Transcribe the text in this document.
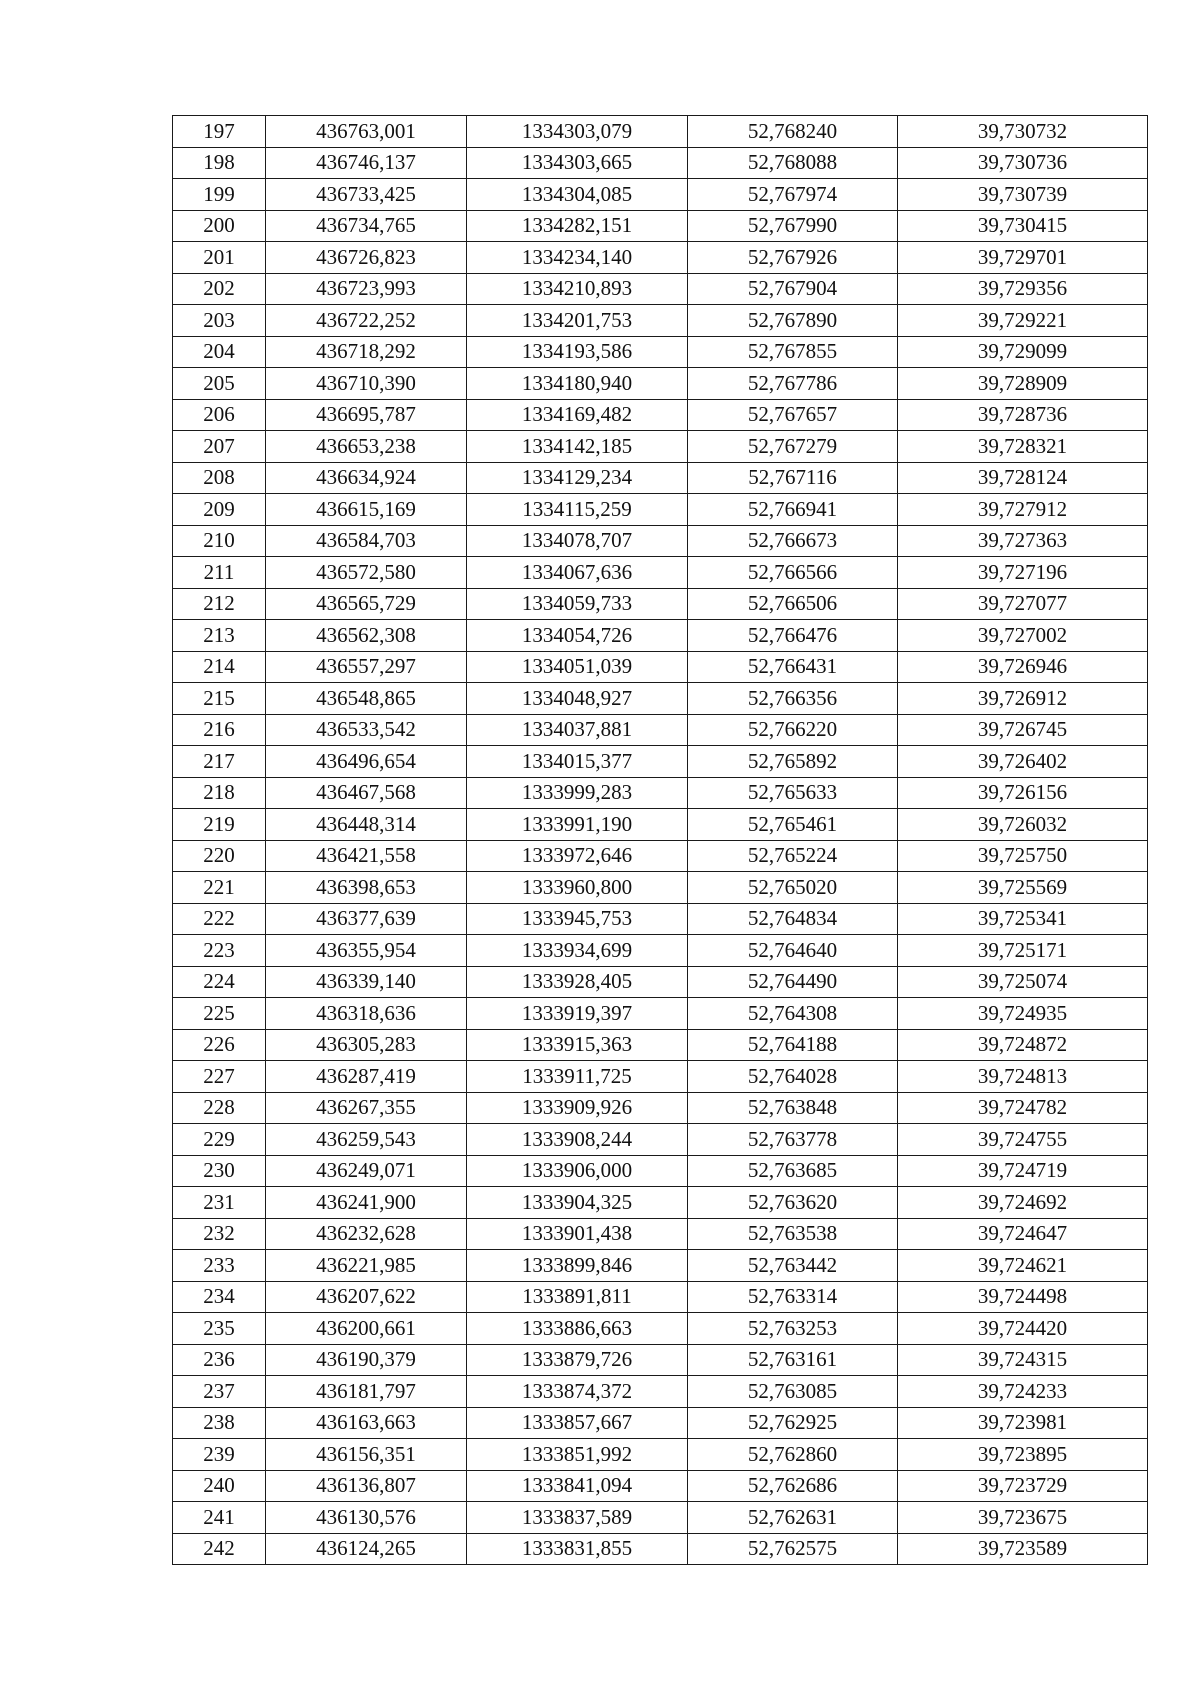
197	436763,001	1334303,079	52,768240	39,730732
198	436746,137	1334303,665	52,768088	39,730736
199	436733,425	1334304,085	52,767974	39,730739
200	436734,765	1334282,151	52,767990	39,730415
201	436726,823	1334234,140	52,767926	39,729701
202	436723,993	1334210,893	52,767904	39,729356
203	436722,252	1334201,753	52,767890	39,729221
204	436718,292	1334193,586	52,767855	39,729099
205	436710,390	1334180,940	52,767786	39,728909
206	436695,787	1334169,482	52,767657	39,728736
207	436653,238	1334142,185	52,767279	39,728321
208	436634,924	1334129,234	52,767116	39,728124
209	436615,169	1334115,259	52,766941	39,727912
210	436584,703	1334078,707	52,766673	39,727363
211	436572,580	1334067,636	52,766566	39,727196
212	436565,729	1334059,733	52,766506	39,727077
213	436562,308	1334054,726	52,766476	39,727002
214	436557,297	1334051,039	52,766431	39,726946
215	436548,865	1334048,927	52,766356	39,726912
216	436533,542	1334037,881	52,766220	39,726745
217	436496,654	1334015,377	52,765892	39,726402
218	436467,568	1333999,283	52,765633	39,726156
219	436448,314	1333991,190	52,765461	39,726032
220	436421,558	1333972,646	52,765224	39,725750
221	436398,653	1333960,800	52,765020	39,725569
222	436377,639	1333945,753	52,764834	39,725341
223	436355,954	1333934,699	52,764640	39,725171
224	436339,140	1333928,405	52,764490	39,725074
225	436318,636	1333919,397	52,764308	39,724935
226	436305,283	1333915,363	52,764188	39,724872
227	436287,419	1333911,725	52,764028	39,724813
228	436267,355	1333909,926	52,763848	39,724782
229	436259,543	1333908,244	52,763778	39,724755
230	436249,071	1333906,000	52,763685	39,724719
231	436241,900	1333904,325	52,763620	39,724692
232	436232,628	1333901,438	52,763538	39,724647
233	436221,985	1333899,846	52,763442	39,724621
234	436207,622	1333891,811	52,763314	39,724498
235	436200,661	1333886,663	52,763253	39,724420
236	436190,379	1333879,726	52,763161	39,724315
237	436181,797	1333874,372	52,763085	39,724233
238	436163,663	1333857,667	52,762925	39,723981
239	436156,351	1333851,992	52,762860	39,723895
240	436136,807	1333841,094	52,762686	39,723729
241	436130,576	1333837,589	52,762631	39,723675
242	436124,265	1333831,855	52,762575	39,723589
